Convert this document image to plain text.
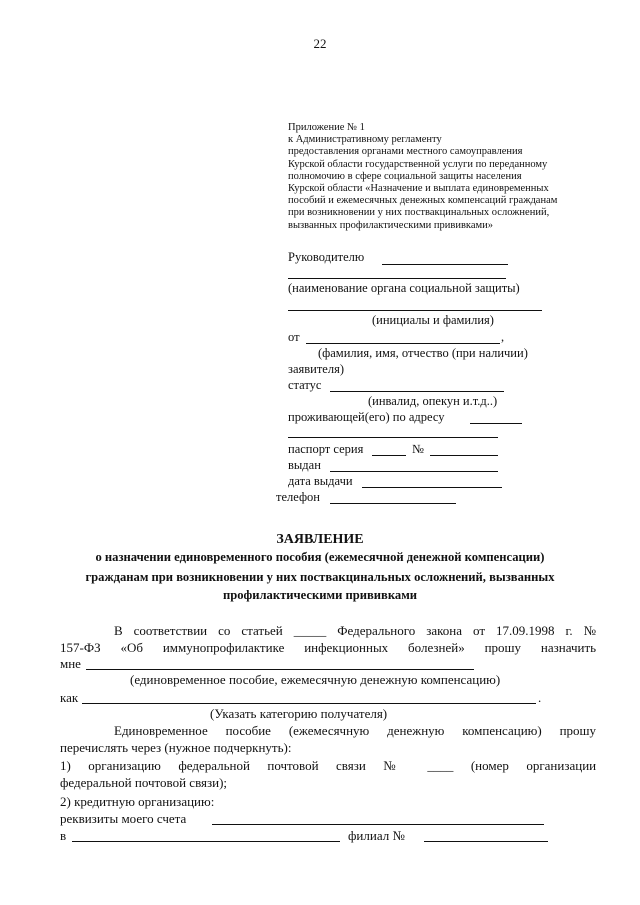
22
Приложение № 1
к Административному регламенту
предоставления органами местного самоуправления
Курской области государственной услуги по переданному
полномочию в сфере социальной защиты населения
Курской области «Назначение и выплата единовременных
пособий и ежемесячных денежных компенсаций гражданам
при возникновении у них поствакцинальных осложнений,
вызванных профилактическими прививками»
Руководителю
(наименование органа социальной защиты)
(инициалы и фамилия)
от	,
(фамилия, имя, отчество (при наличии)
заявителя)
статус
(инвалид, опекун и.т.д..)
проживающей(его) по адресу
паспорт серия	№
выдан
дата выдачи
телефон
ЗАЯВЛЕНИЕ
о назначении единовременного пособия (ежемесячной денежной компенсации)
гражданам при возникновении у них поствакцинальных осложнений, вызванных
профилактическими прививками
В соответствии со статьей _____ Федерального закона от 17.09.1998 г. №
157-ФЗ «Об иммунопрофилактике инфекционных болезней» прошу назначить
мне
(единовременное пособие, ежемесячную денежную компенсацию)
как	.
(Указать категорию получателя)
Единовременное пособие (ежемесячную денежную компенсацию) прошу
перечислять через (нужное подчеркнуть):
1) организацию федеральной почтовой связи № ____ (номер организации
федеральной почтовой связи);
2) кредитную организацию:
реквизиты моего счета
в	филиал №
